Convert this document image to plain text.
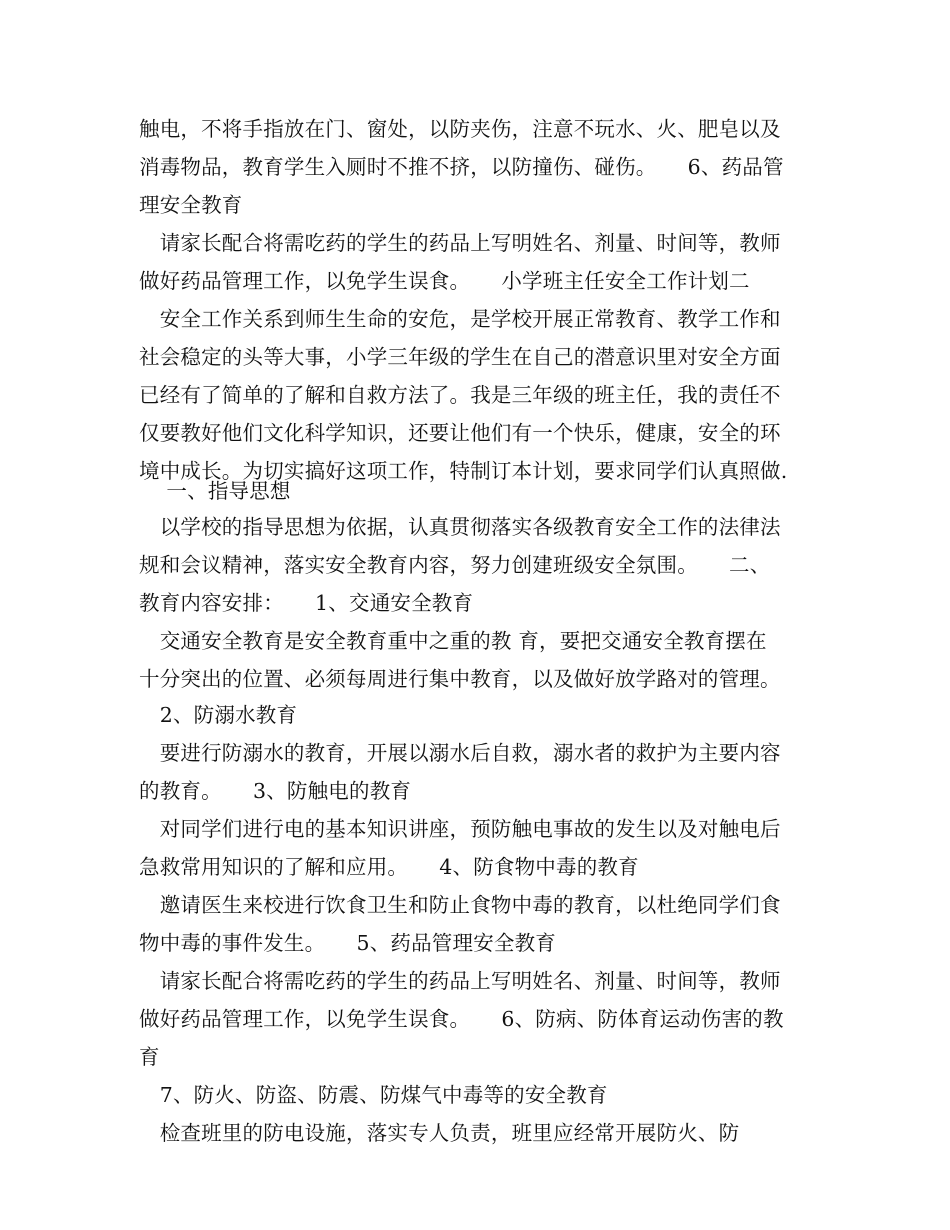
触电，不将手指放在门、窗处，以防夹伤，注意不玩水、火、肥皂以及
消毒物品，教育学生入厕时不推不挤，以防撞伤、碰伤。　　6、药品管
理安全教育
　请家长配合将需吃药的学生的药品上写明姓名、剂量、时间等，教师
做好药品管理工作，以免学生误食。　　小学班主任安全工作计划二
　安全工作关系到师生生命的安危，是学校开展正常教育、教学工作和
社会稳定的头等大事，小学三年级的学生在自己的潜意识里对安全方面
已经有了简单的了解和自救方法了。我是三年级的班主任，我的责任不
仅要教好他们文化科学知识，还要让他们有一个快乐，健康，安全的环
境中成长。为切实搞好这项工作，特制订本计划，要求同学们认真照做.
　 一、指导思想
　以学校的指导思想为依据，认真贯彻落实各级教育安全工作的法律法
规和会议精神，落实安全教育内容，努力创建班级安全氛围。　　二、
教育内容安排：　　1、交通安全教育
　交通安全教育是安全教育重中之重的教 育，要把交通安全教育摆在
十分突出的位置、必须每周进行集中教育，以及做好放学路对的管理。
　2、防溺水教育
　要进行防溺水的教育，开展以溺水后自救，溺水者的救护为主要内容
的教育。　　3、防触电的教育
　对同学们进行电的基本知识讲座，预防触电事故的发生以及对触电后
急救常用知识的了解和应用。　　4、防食物中毒的教育
　邀请医生来校进行饮食卫生和防止食物中毒的教育，以杜绝同学们食
物中毒的事件发生。　　5、药品管理安全教育
　请家长配合将需吃药的学生的药品上写明姓名、剂量、时间等，教师
做好药品管理工作，以免学生误食。　　6、防病、防体育运动伤害的教
育
　7、防火、防盗、防震、防煤气中毒等的安全教育
　检查班里的防电设施，落实专人负责，班里应经常开展防火、防
